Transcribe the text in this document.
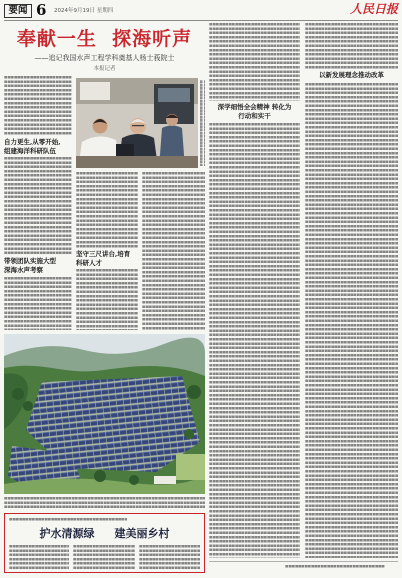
要闻 6 2024年9月19日 星期四	人民日报
奉献一生  探海听声
——追记我国水声工程学科奠基人杨士莪院士
本报记者
自力更生,从零开始,
组建海洋科研队伍
带领团队实施大型
深海水声考察
坚守三尺讲台,培育
科研人才
护水清源绿 建美丽乡村
深学细悟全会精神 转化为
行动和实干
以新发展理念推动改革
